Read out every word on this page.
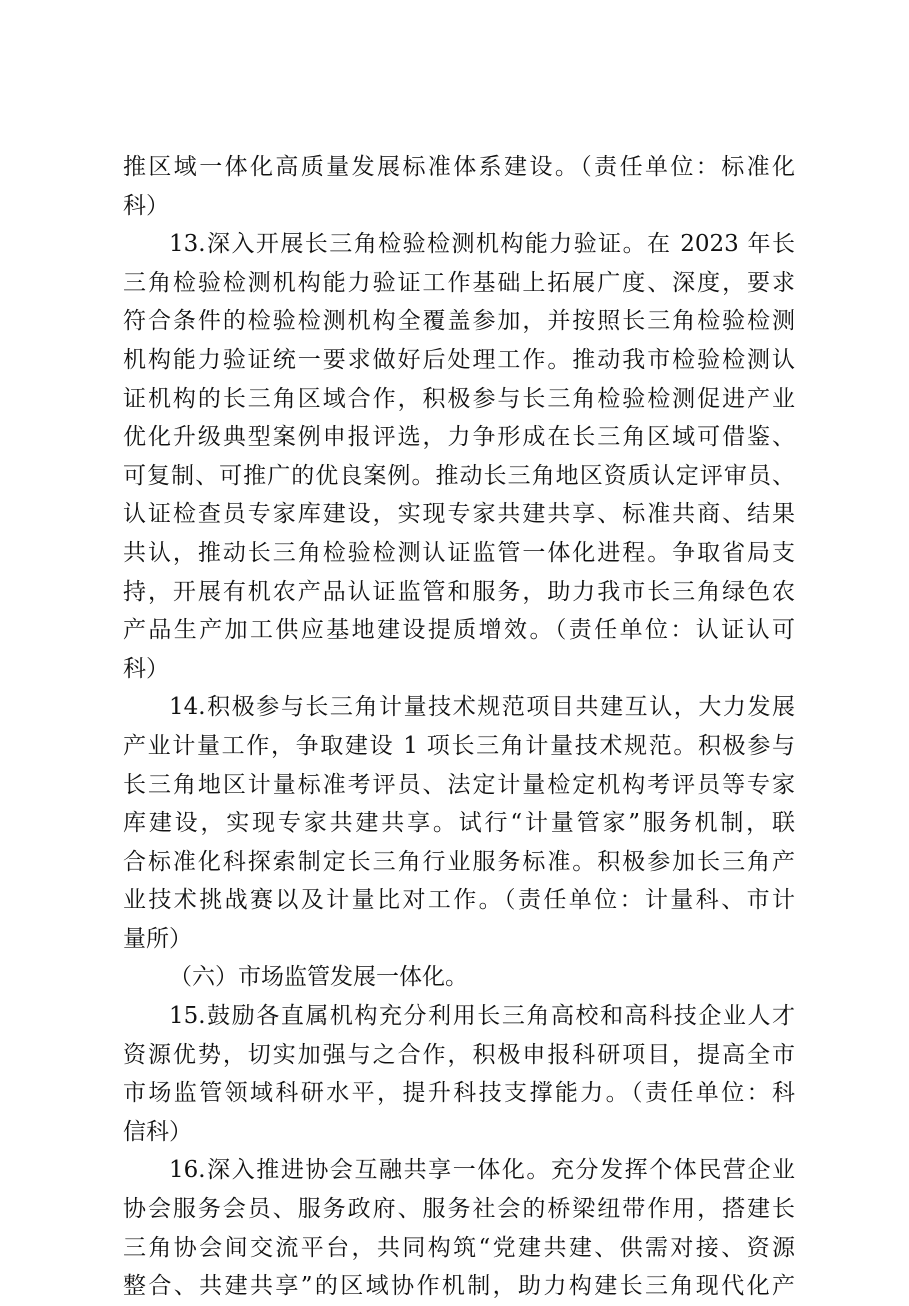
推区域一体化高质量发展标准体系建设。（责任单位：标准化
科）
13.深入开展长三角检验检测机构能力验证。在 2023 年长
三角检验检测机构能力验证工作基础上拓展广度、深度，要求
符合条件的检验检测机构全覆盖参加，并按照长三角检验检测
机构能力验证统一要求做好后处理工作。推动我市检验检测认
证机构的长三角区域合作，积极参与长三角检验检测促进产业
优化升级典型案例申报评选，力争形成在长三角区域可借鉴、
可复制、可推广的优良案例。推动长三角地区资质认定评审员、
认证检查员专家库建设，实现专家共建共享、标准共商、结果
共认，推动长三角检验检测认证监管一体化进程。争取省局支
持，开展有机农产品认证监管和服务，助力我市长三角绿色农
产品生产加工供应基地建设提质增效。（责任单位：认证认可
科）
14.积极参与长三角计量技术规范项目共建互认，大力发展
产业计量工作，争取建设 1 项长三角计量技术规范。积极参与
长三角地区计量标准考评员、法定计量检定机构考评员等专家
库建设，实现专家共建共享。试行“计量管家”服务机制，联
合标准化科探索制定长三角行业服务标准。积极参加长三角产
业技术挑战赛以及计量比对工作。（责任单位：计量科、市计
量所）
（六）市场监管发展一体化。
15.鼓励各直属机构充分利用长三角高校和高科技企业人才
资源优势，切实加强与之合作，积极申报科研项目，提高全市
市场监管领域科研水平，提升科技支撑能力。（责任单位：科
信科）
16.深入推进协会互融共享一体化。充分发挥个体民营企业
协会服务会员、服务政府、服务社会的桥梁纽带作用，搭建长
三角协会间交流平台，共同构筑“党建共建、供需对接、资源
整合、共建共享”的区域协作机制，助力构建长三角现代化产
